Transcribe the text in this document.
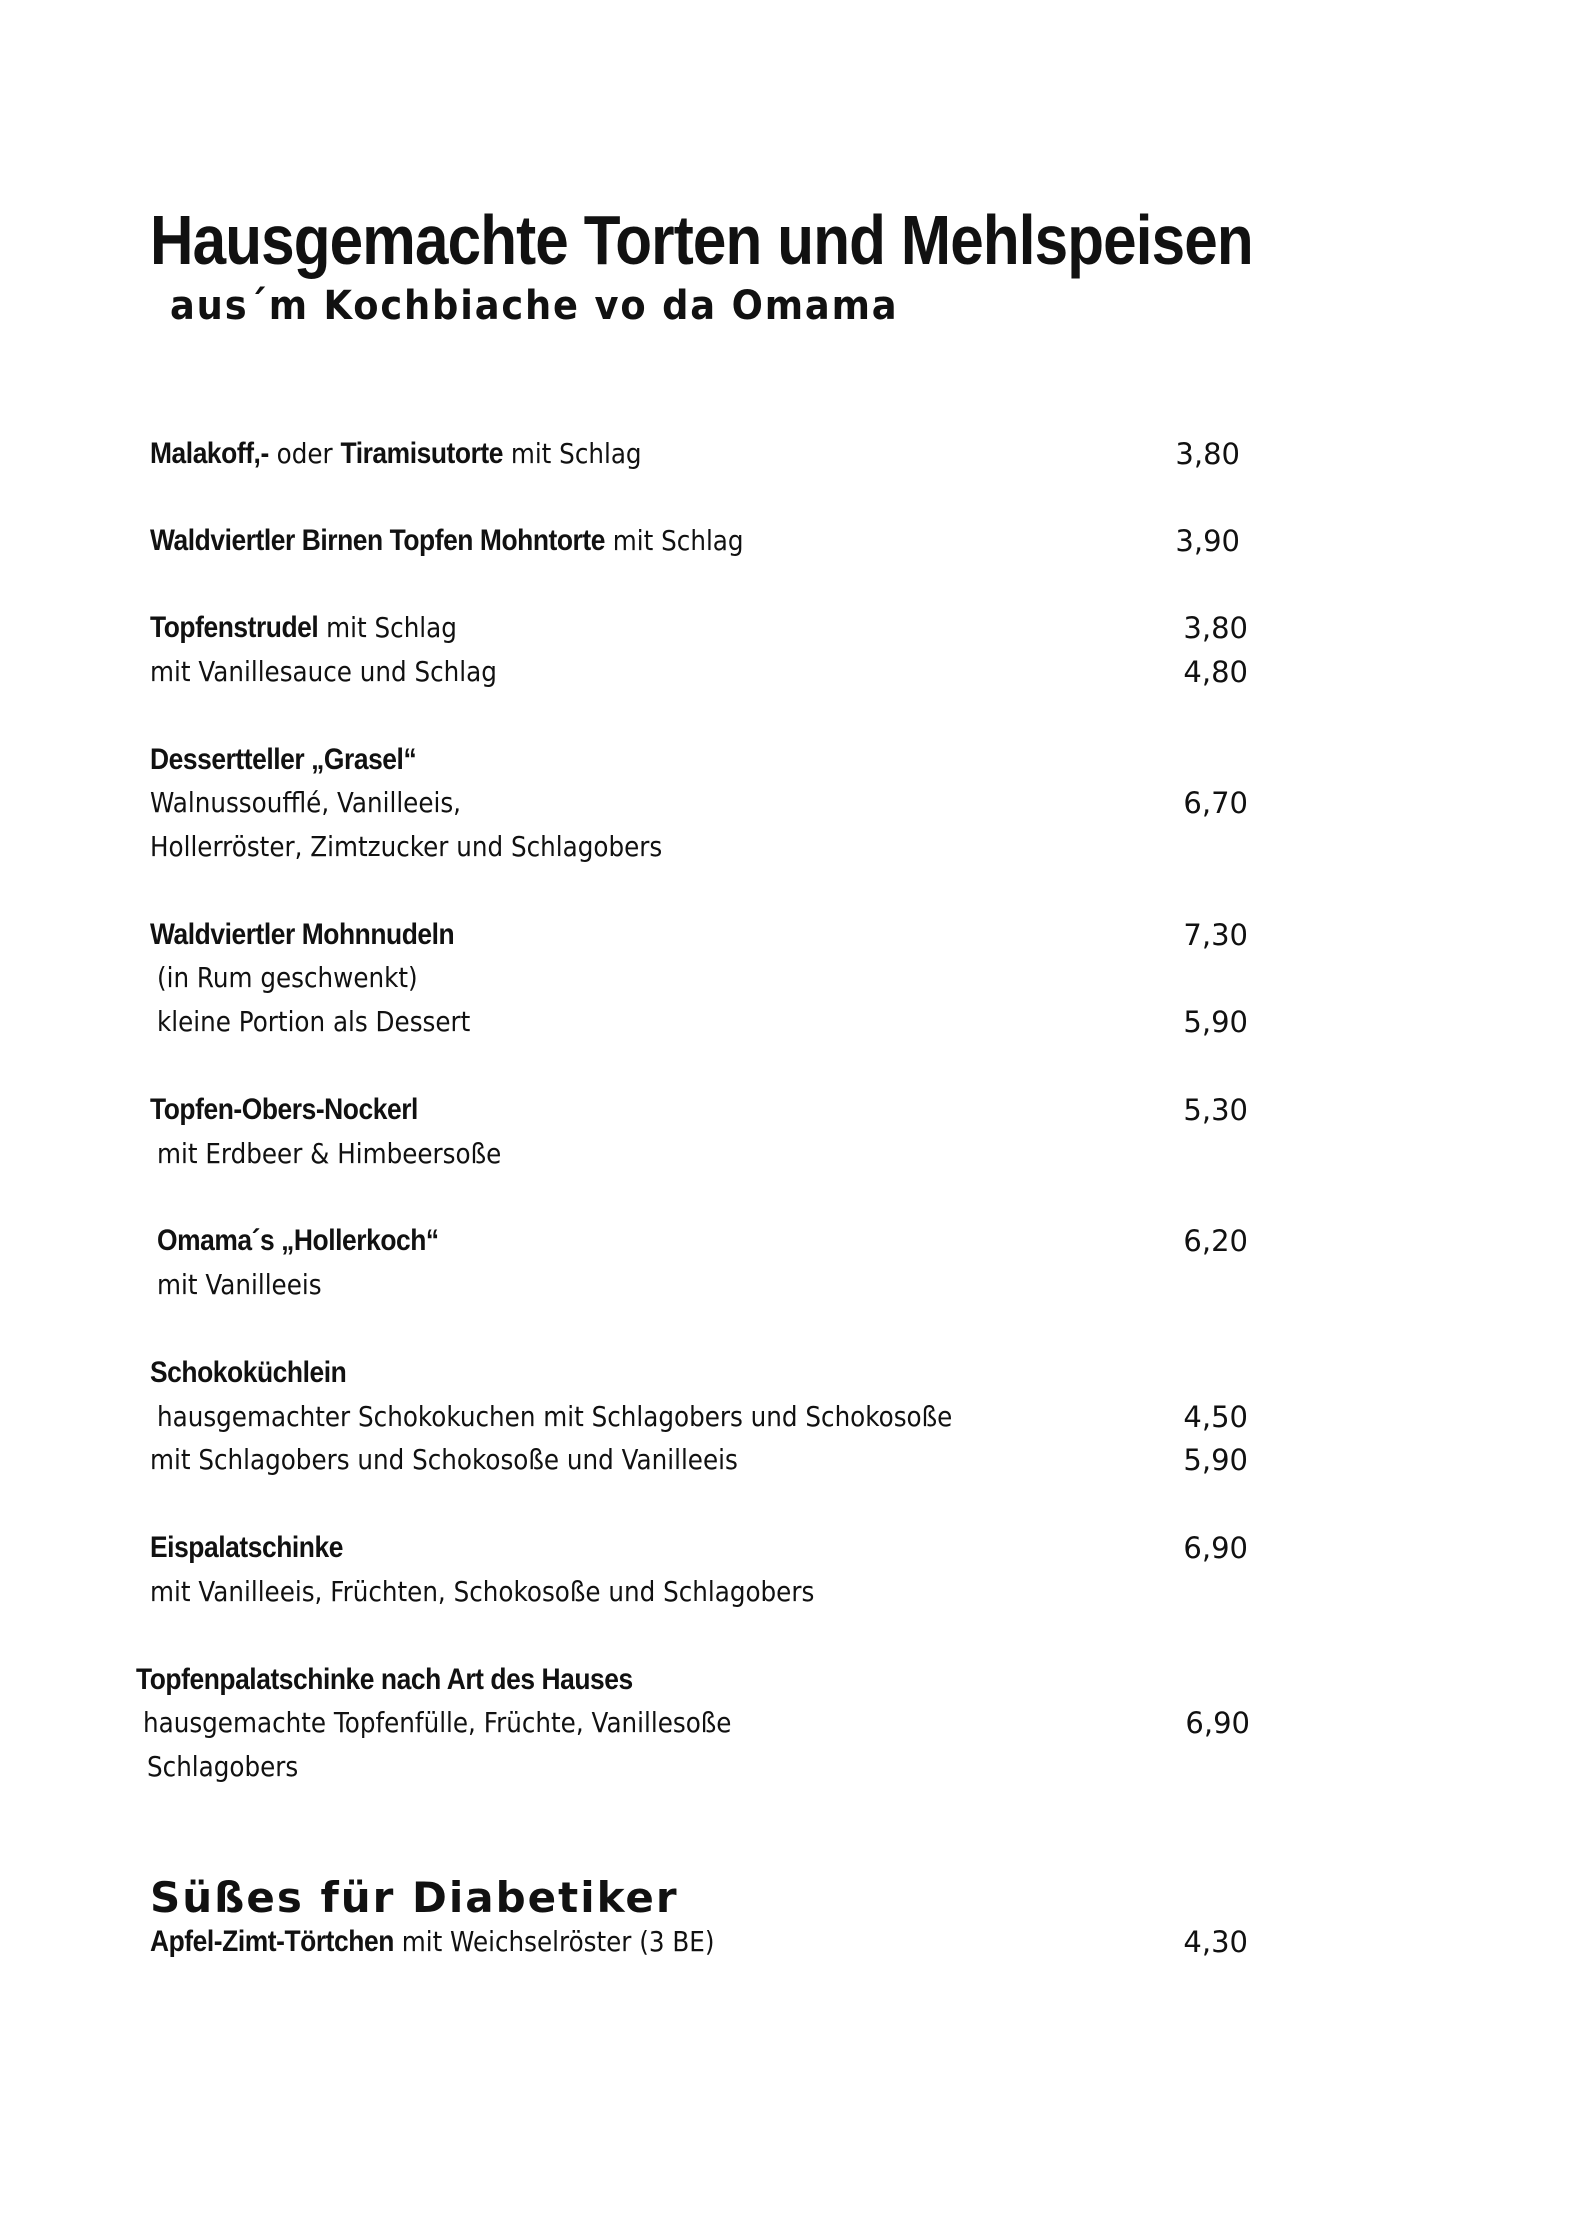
Hausgemachte Torten und Mehlspeisen
aus´m Kochbiache vo da Omama
Malakoff,- oder Tiramisutorte mit Schlag	3,80
Waldviertler Birnen Topfen Mohntorte mit Schlag	3,90
Topfenstrudel mit Schlag	3,80
mit Vanillesauce und Schlag	4,80
Dessertteller „Grasel“
Walnussoufflé, Vanilleeis,	6,70
Hollerröster, Zimtzucker und Schlagobers
Waldviertler Mohnnudeln	7,30
(in Rum geschwenkt)
kleine Portion als Dessert	5,90
Topfen-Obers-Nockerl	5,30
mit Erdbeer & Himbeersoße
Omama´s „Hollerkoch“	6,20
mit Vanilleeis
Schokoküchlein
hausgemachter Schokokuchen mit Schlagobers und Schokosoße	4,50
mit Schlagobers und Schokosoße und Vanilleeis	5,90
Eispalatschinke	6,90
mit Vanilleeis, Früchten, Schokosoße und Schlagobers
Topfenpalatschinke nach Art des Hauses
hausgemachte Topfenfülle, Früchte, Vanillesoße	6,90
Schlagobers
Süßes für Diabetiker
Apfel-Zimt-Törtchen mit Weichselröster (3 BE)	4,30
